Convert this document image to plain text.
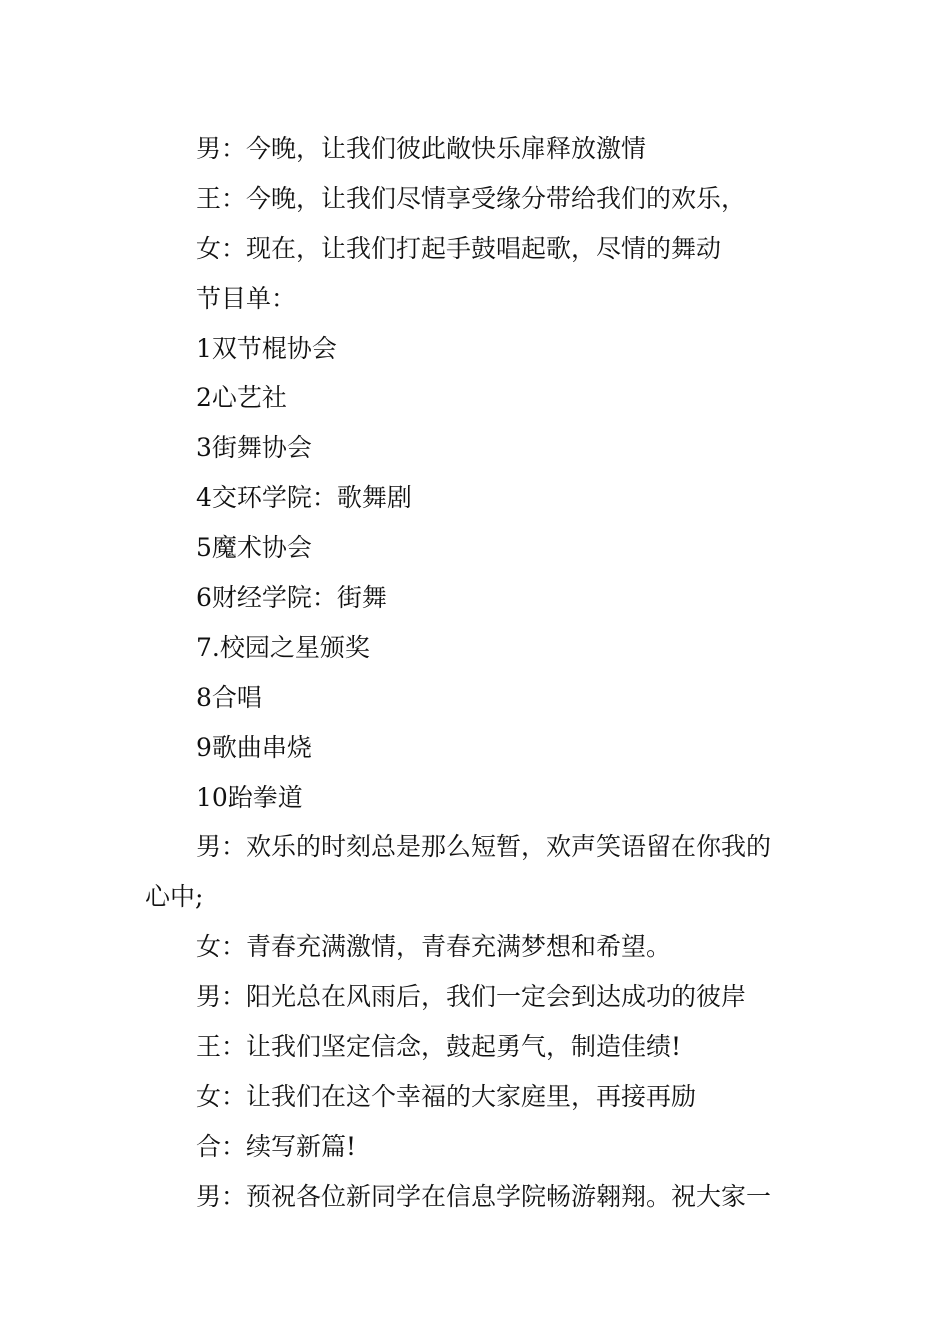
男：今晚，让我们彼此敞快乐扉释放激情
王：今晚，让我们尽情享受缘分带给我们的欢乐，
女：现在，让我们打起手鼓唱起歌，尽情的舞动
节目单：
1双节棍协会
2心艺社
3街舞协会
4交环学院：歌舞剧
5魔术协会
6财经学院：街舞
7.校园之星颁奖
8合唱
9歌曲串烧
10跆拳道
男：欢乐的时刻总是那么短暂，欢声笑语留在你我的
心中;
女：青春充满激情，青春充满梦想和希望。
男：阳光总在风雨后，我们一定会到达成功的彼岸
王：让我们坚定信念，鼓起勇气，制造佳绩!
女：让我们在这个幸福的大家庭里，再接再励
合：续写新篇!
男：预祝各位新同学在信息学院畅游翱翔。祝大家一
